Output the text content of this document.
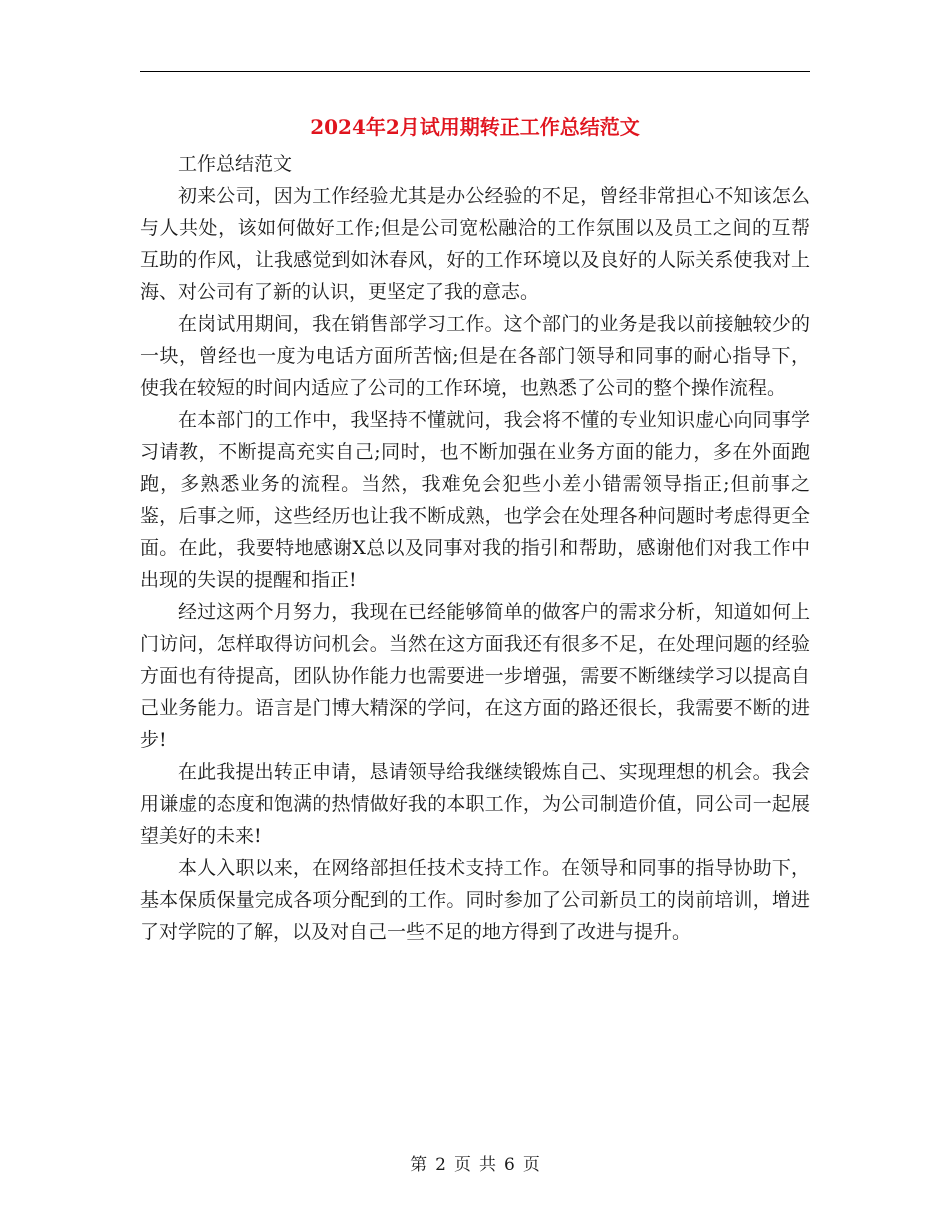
2024年2月试用期转正工作总结范文

工作总结范文

初来公司，因为工作经验尤其是办公经验的不足，曾经非常担心不知该怎么与人共处，该如何做好工作;但是公司宽松融洽的工作氛围以及员工之间的互帮互助的作风，让我感觉到如沐春风，好的工作环境以及良好的人际关系使我对上海、对公司有了新的认识，更坚定了我的意志。

在岗试用期间，我在销售部学习工作。这个部门的业务是我以前接触较少的一块，曾经也一度为电话方面所苦恼;但是在各部门领导和同事的耐心指导下，使我在较短的时间内适应了公司的工作环境，也熟悉了公司的整个操作流程。

在本部门的工作中，我坚持不懂就问，我会将不懂的专业知识虚心向同事学习请教，不断提高充实自己;同时，也不断加强在业务方面的能力，多在外面跑跑，多熟悉业务的流程。当然，我难免会犯些小差小错需领导指正;但前事之鉴，后事之师，这些经历也让我不断成熟，也学会在处理各种问题时考虑得更全面。在此，我要特地感谢X总以及同事对我的指引和帮助，感谢他们对我工作中出现的失误的提醒和指正!

经过这两个月努力，我现在已经能够简单的做客户的需求分析，知道如何上门访问，怎样取得访问机会。当然在这方面我还有很多不足，在处理问题的经验方面也有待提高，团队协作能力也需要进一步增强，需要不断继续学习以提高自己业务能力。语言是门博大精深的学问，在这方面的路还很长，我需要不断的进步!

在此我提出转正申请，恳请领导给我继续锻炼自己、实现理想的机会。我会用谦虚的态度和饱满的热情做好我的本职工作，为公司制造价值，同公司一起展望美好的未来!

本人入职以来，在网络部担任技术支持工作。在领导和同事的指导协助下，基本保质保量完成各项分配到的工作。同时参加了公司新员工的岗前培训，增进了对学院的了解，以及对自己一些不足的地方得到了改进与提升。

第 2 页 共 6 页
